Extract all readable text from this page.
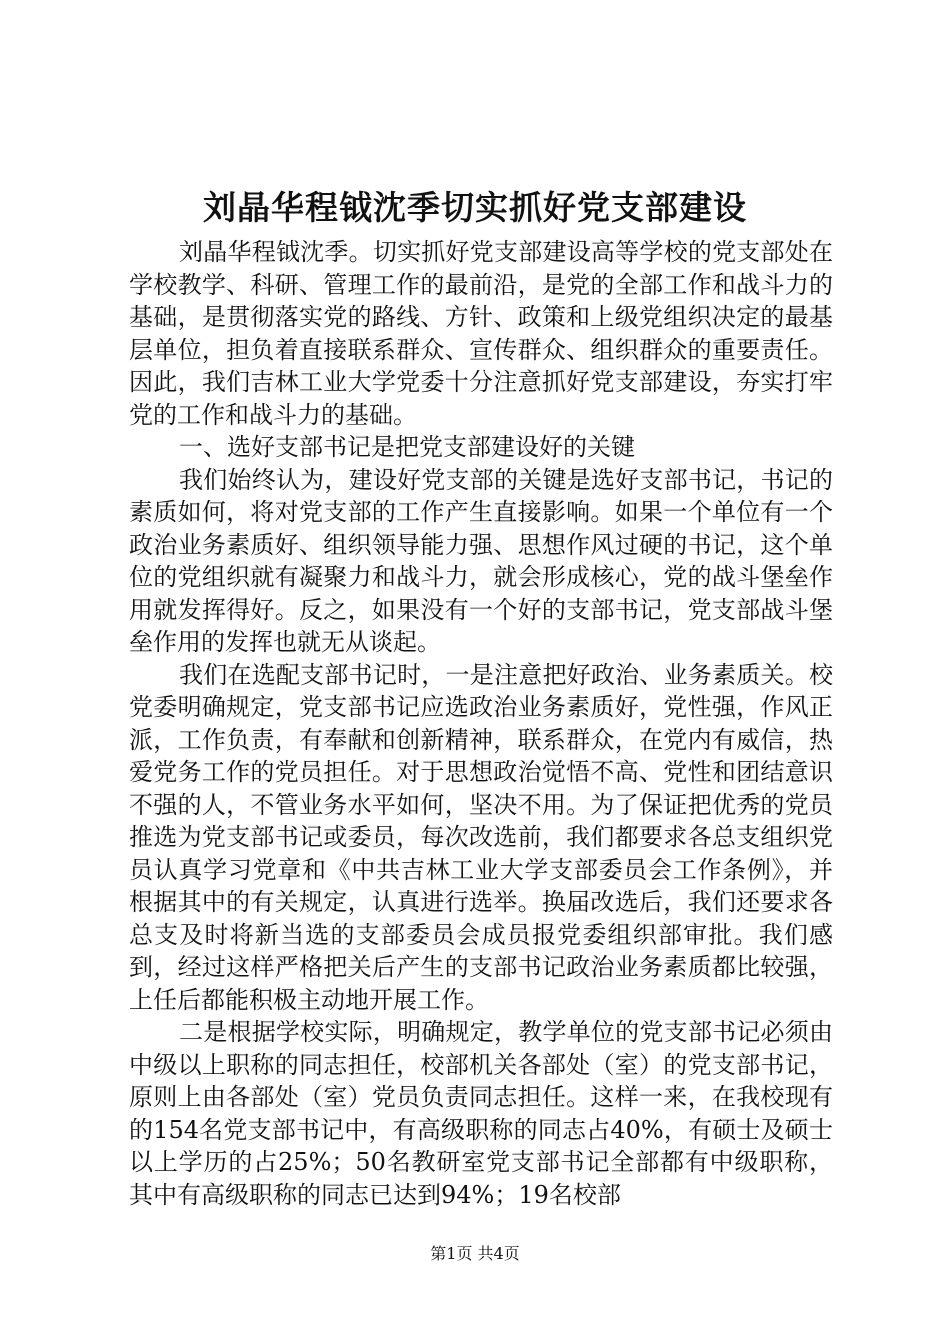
刘晶华程钺沈季切实抓好党支部建设

刘晶华程钺沈季。切实抓好党支部建设高等学校的党支部处在学校教学、科研、管理工作的最前沿，是党的全部工作和战斗力的基础，是贯彻落实党的路线、方针、政策和上级党组织决定的最基层单位，担负着直接联系群众、宣传群众、组织群众的重要责任。因此，我们吉林工业大学党委十分注意抓好党支部建设，夯实打牢党的工作和战斗力的基础。

一、选好支部书记是把党支部建设好的关键

我们始终认为，建设好党支部的关键是选好支部书记，书记的素质如何，将对党支部的工作产生直接影响。如果一个单位有一个政治业务素质好、组织领导能力强、思想作风过硬的书记，这个单位的党组织就有凝聚力和战斗力，就会形成核心，党的战斗堡垒作用就发挥得好。反之，如果没有一个好的支部书记，党支部战斗堡垒作用的发挥也就无从谈起。

我们在选配支部书记时，一是注意把好政治、业务素质关。校党委明确规定，党支部书记应选政治业务素质好，党性强，作风正派，工作负责，有奉献和创新精神，联系群众，在党内有威信，热爱党务工作的党员担任。对于思想政治觉悟不高、党性和团结意识不强的人，不管业务水平如何，坚决不用。为了保证把优秀的党员推选为党支部书记或委员，每次改选前，我们都要求各总支组织党员认真学习党章和《中共吉林工业大学支部委员会工作条例》，并根据其中的有关规定，认真进行选举。换届改选后，我们还要求各总支及时将新当选的支部委员会成员报党委组织部审批。我们感到，经过这样严格把关后产生的支部书记政治业务素质都比较强，上任后都能积极主动地开展工作。

二是根据学校实际，明确规定，教学单位的党支部书记必须由中级以上职称的同志担任，校部机关各部处（室）的党支部书记，原则上由各部处（室）党员负责同志担任。这样一来，在我校现有的154名党支部书记中，有高级职称的同志占40%，有硕士及硕士以上学历的占25%；50名教研室党支部书记全部都有中级职称，其中有高级职称的同志已达到94%；19名校部

第1页 共4页
